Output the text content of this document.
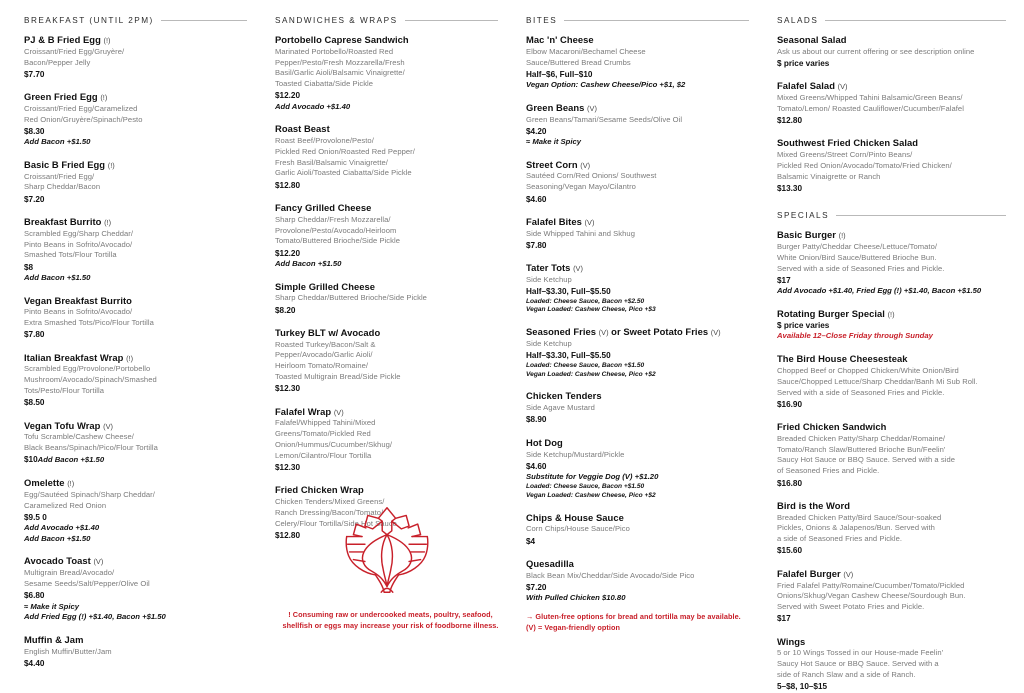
BREAKFAST (UNTIL 2PM)
PJ & B Fried Egg (!)
Croissant/Fried Egg/Gruyère/
Bacon/Pepper Jelly
$7.70
Green Fried Egg (!)
Croissant/Fried Egg/Caramelized
Red Onion/Gruyère/Spinach/Pesto
$8.30
Add Bacon +$1.50
Basic B Fried Egg (!)
Croissant/Fried Egg/
Sharp Cheddar/Bacon
$7.20
Breakfast Burrito (!)
Scrambled Egg/Sharp Cheddar/
Pinto Beans in Sofrito/Avocado/
Smashed Tots/Flour Tortilla
$8
Add Bacon +$1.50
Vegan Breakfast Burrito
Pinto Beans in Sofrito/Avocado/
Extra Smashed Tots/Pico/Flour Tortilla
$7.80
Italian Breakfast Wrap (!)
Scrambled Egg/Provolone/Portobello
Mushroom/Avocado/Spinach/Smashed
Tots/Pesto/Flour Tortilla
$8.50
Vegan Tofu Wrap (V)
Tofu Scramble/Cashew Cheese/
Black Beans/Spinach/Pico/Flour Tortilla
$10Add Bacon +$1.50
Omelette (!)
Egg/Sautéed Spinach/Sharp Cheddar/
Caramelized Red Onion
$9.5 0
Add Avocado +$1.40
Add Bacon +$1.50
Avocado Toast (V)
Multigrain Bread/Avocado/
Sesame Seeds/Salt/Pepper/Olive Oil
$6.80
≈ Make it Spicy
Add Fried Egg (!) +$1.40, Bacon +$1.50
Muffin & Jam
English Muffin/Butter/Jam
$4.40
SANDWICHES & WRAPS
Portobello Caprese Sandwich
Marinated Portobello/Roasted Red
Pepper/Pesto/Fresh Mozzarella/Fresh
Basil/Garlic Aioli/Balsamic Vinaigrette/
Toasted Ciabatta/Side Pickle
$12.20
Add Avocado +$1.40
Roast Beast
Roast Beef/Provolone/Pesto/
Pickled Red Onion/Roasted Red Pepper/
Fresh Basil/Balsamic Vinaigrette/
Garlic Aioli/Toasted Ciabatta/Side Pickle
$12.80
Fancy Grilled Cheese
Sharp Cheddar/Fresh Mozzarella/
Provolone/Pesto/Avocado/Heirloom
Tomato/Buttered Brioche/Side Pickle
$12.20
Add Bacon +$1.50
Simple Grilled Cheese
Sharp Cheddar/Buttered Brioche/Side Pickle
$8.20
Turkey BLT w/ Avocado
Roasted Turkey/Bacon/Salt &
Pepper/Avocado/Garlic Aioli/
Heirloom Tomato/Romaine/
Toasted Multigrain Bread/Side Pickle
$12.30
Falafel Wrap (V)
Falafel/Whipped Tahini/Mixed
Greens/Tomato/Pickled Red
Onion/Hummus/Cucumber/Skhug/
Lemon/Cilantro/Flour Tortilla
$12.30
Fried Chicken Wrap
Chicken Tenders/Mixed Greens/
Ranch Dressing/Bacon/Tomato/
Celery/Flour Tortilla/Side Hot Sauce
$12.80
! Consuming raw or undercooked meats, poultry, seafood, shellfish or eggs may increase your risk of foodborne illness.
BITES
Mac 'n' Cheese
Elbow Macaroni/Bechamel Cheese
Sauce/Buttered Bread Crumbs
Half–$6, Full–$10
Vegan Option: Cashew Cheese/Pico +$1, $2
Green Beans (V)
Green Beans/Tamari/Sesame Seeds/Olive Oil
$4.20
≈ Make it Spicy
Street Corn (V)
Sautéed Corn/Red Onions/ Southwest
Seasoning/Vegan Mayo/Cilantro
$4.60
Falafel Bites (V)
Side Whipped Tahini and Skhug
$7.80
Tater Tots (V)
Side Ketchup
Half–$3.30, Full–$5.50
Loaded: Cheese Sauce, Bacon +$2.50
Vegan Loaded: Cashew Cheese, Pico +$3
Seasoned Fries (V) or Sweet Potato Fries (V)
Side Ketchup
Half–$3.30, Full–$5.50
Loaded: Cheese Sauce, Bacon +$1.50
Vegan Loaded: Cashew Cheese, Pico +$2
Chicken Tenders
Side Agave Mustard
$8.90
Hot Dog
Side Ketchup/Mustard/Pickle
$4.60
Substitute for Veggie Dog (V) +$1.20
Loaded: Cheese Sauce, Bacon +$1.50
Vegan Loaded: Cashew Cheese, Pico +$2
Chips & House Sauce
Corn Chips/House Sauce/Pico
$4
Quesadilla
Black Bean Mix/Cheddar/Side Avocado/Side Pico
$7.20
With Pulled Chicken $10.80
→ Gluten-free options for bread and tortilla may be available.
(V) = Vegan-friendly option
SALADS
Seasonal Salad
Ask us about our current offering or see description online
$ price varies
Falafel Salad (V)
Mixed Greens/Whipped Tahini Balsamic/Green Beans/
Tomato/Lemon/ Roasted Cauliflower/Cucumber/Falafel
$12.80
Southwest Fried Chicken Salad
Mixed Greens/Street Corn/Pinto Beans/
Pickled Red Onion/Avocado/Tomato/Fried Chicken/
Balsamic Vinaigrette or Ranch
$13.30
SPECIALS
Basic Burger (!)
Burger Patty/Cheddar Cheese/Lettuce/Tomato/
White Onion/Bird Sauce/Buttered Brioche Bun.
Served with a side of Seasoned Fries and Pickle.
$17
Add Avocado +$1.40, Fried Egg (!) +$1.40, Bacon +$1.50
Rotating Burger Special (!)
$ price varies
Available 12–Close Friday through Sunday
The Bird House Cheesesteak
Chopped Beef or Chopped Chicken/White Onion/Bird
Sauce/Chopped Lettuce/Sharp Cheddar/Banh Mi Sub Roll.
Served with a side of Seasoned Fries and Pickle.
$16.90
Fried Chicken Sandwich
Breaded Chicken Patty/Sharp Cheddar/Romaine/
Tomato/Ranch Slaw/Buttered Brioche Bun/Feelin'
Saucy Hot Sauce or BBQ Sauce. Served with a side
of Seasoned Fries and Pickle.
$16.80
Bird is the Word
Breaded Chicken Patty/Bird Sauce/Sour-soaked
Pickles, Onions & Jalapenos/Bun. Served with
a side of Seasoned Fries and Pickle.
$15.60
Falafel Burger (V)
Fried Falafel Patty/Romaine/Cucumber/Tomato/Pickled
Onions/Skhug/Vegan Cashew Cheese/Sourdough Bun.
Served with Sweet Potato Fries and Pickle.
$17
Wings
5 or 10 Wings Tossed in our House-made Feelin'
Saucy Hot Sauce or BBQ Sauce. Served with a
side of Ranch Slaw and a side of Ranch.
5–$8, 10–$15
